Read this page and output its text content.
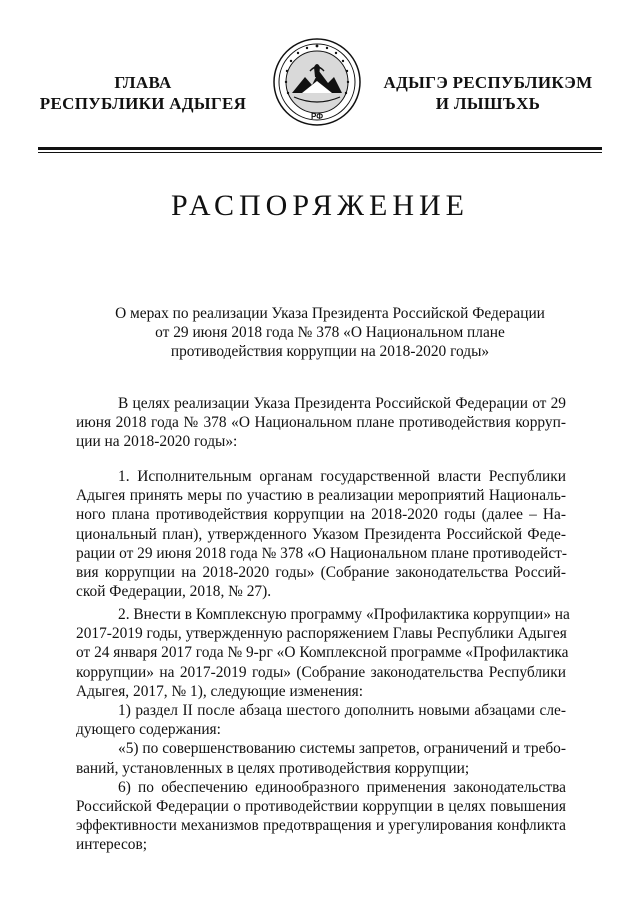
ГЛАВА
РЕСПУБЛИКИ АДЫГЕЯ
РФ
АДЫГЭ РЕСПУБЛИКЭМ
И ЛЫШЪХЬ
РАСПОРЯЖЕНИЕ
О мерах по реализации Указа Президента Российской Федерации
от 29 июня 2018 года № 378 «О Национальном плане
противодействия коррупции на 2018-2020 годы»
В целях реализации Указа Президента Российской Федерации от 29
июня 2018 года № 378 «О Национальном плане противодействия корруп-
ции на 2018-2020 годы»:
1. Исполнительным органам государственной власти Республики
Адыгея принять меры по участию в реализации мероприятий Националь-
ного плана противодействия коррупции на 2018-2020 годы (далее – На-
циональный план), утвержденного Указом Президента Российской Феде-
рации от 29 июня 2018 года № 378 «О Национальном плане противодейст-
вия коррупции на 2018-2020 годы» (Собрание законодательства Россий-
ской Федерации, 2018, № 27).
2. Внести в Комплексную программу «Профилактика коррупции» на
2017-2019 годы, утвержденную распоряжением Главы Республики Адыгея
от 24 января 2017 года № 9-рг «О Комплексной программе «Профилактика
коррупции» на 2017-2019 годы» (Собрание законодательства Республики
Адыгея, 2017, № 1), следующие изменения:
1) раздел II после абзаца шестого дополнить новыми абзацами сле-
дующего содержания:
«5) по совершенствованию системы запретов, ограничений и требо-
ваний, установленных в целях противодействия коррупции;
6) по обеспечению единообразного применения законодательства
Российской Федерации о противодействии коррупции в целях повышения
эффективности механизмов предотвращения и урегулирования конфликта
интересов;
